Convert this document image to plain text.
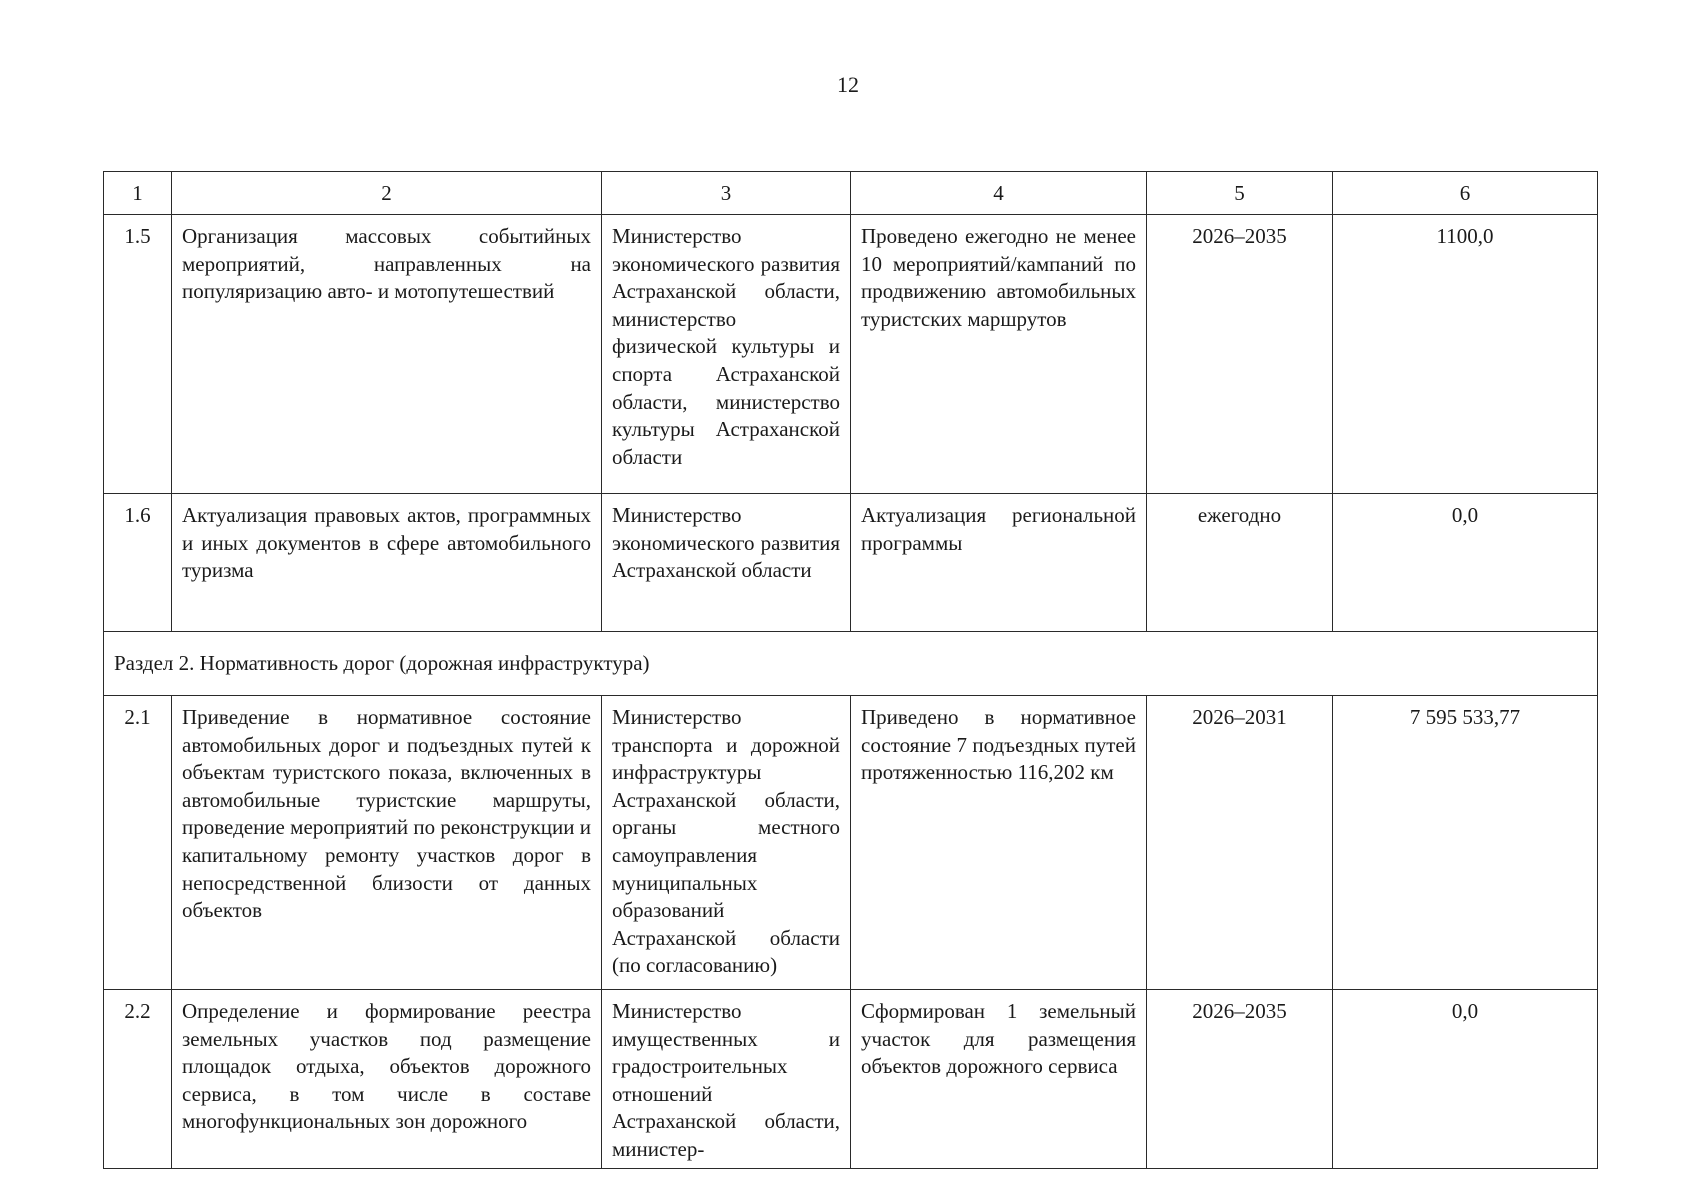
12
1	2	3	4	5	6
1.5	Организация массовых событийных мероприятий, направленных на популяризацию авто- и мотопутешествий	Министерство экономического развития Астраханской области, министерство физической культуры и спорта Астраханской области, министерство культуры Астраханской области	Проведено ежегодно не менее 10 мероприятий/кампаний по продвижению автомобильных туристских маршрутов	2026–2035	1100,0
1.6	Актуализация правовых актов, программных и иных документов в сфере автомобильного туризма	Министерство экономического развития Астраханской области	Актуализация региональной программы	ежегодно	0,0
Раздел 2. Нормативность дорог (дорожная инфраструктура)					
2.1	Приведение в нормативное состояние автомобильных дорог и подъездных путей к объектам туристского показа, включенных в автомобильные туристские маршруты, проведение мероприятий по реконструкции и капитальному ремонту участков дорог в непосредственной близости от данных объектов	Министерство транспорта и дорожной инфраструктуры Астраханской области, органы местного самоуправления муниципальных образований Астраханской области (по согласованию)	Приведено в нормативное состояние 7 подъездных путей протяженностью 116,202 км	2026–2031	7 595 533,77
2.2	Определение и формирование реестра земельных участков под размещение площадок отдыха, объектов дорожного сервиса, в том числе в составе многофункциональных зон дорожного	Министерство имущественных и градостроительных отношений Астраханской области, министер-	Сформирован 1 земельный участок для размещения объектов дорожного сервиса	2026–2035	0,0
